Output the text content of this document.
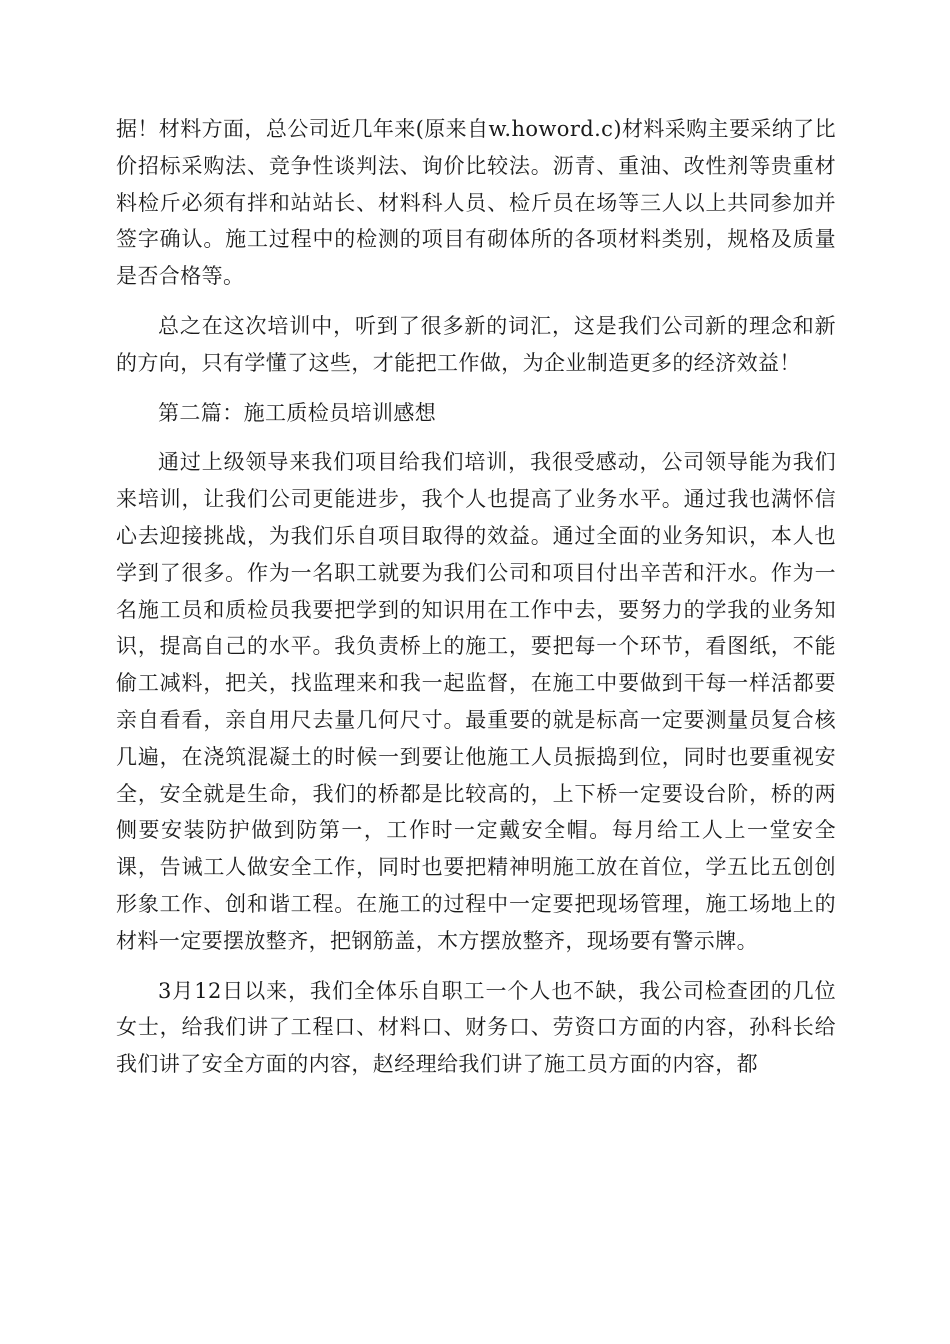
据！材料方面，总公司近几年来(原来自w.howord.c)材料采购主要采纳了比价招标采购法、竞争性谈判法、询价比较法。沥青、重油、改性剂等贵重材料检斤必须有拌和站站长、材料科人员、检斤员在场等三人以上共同参加并签字确认。施工过程中的检测的项目有砌体所的各项材料类别，规格及质量是否合格等。

总之在这次培训中，听到了很多新的词汇，这是我们公司新的理念和新的方向，只有学懂了这些，才能把工作做，为企业制造更多的经济效益！

第二篇：施工质检员培训感想

通过上级领导来我们项目给我们培训，我很受感动，公司领导能为我们来培训，让我们公司更能进步，我个人也提高了业务水平。通过我也满怀信心去迎接挑战，为我们乐自项目取得的效益。通过全面的业务知识，本人也学到了很多。作为一名职工就要为我们公司和项目付出辛苦和汗水。作为一名施工员和质检员我要把学到的知识用在工作中去，要努力的学我的业务知识，提高自己的水平。我负责桥上的施工，要把每一个环节，看图纸，不能偷工减料，把关，找监理来和我一起监督，在施工中要做到干每一样活都要亲自看看，亲自用尺去量几何尺寸。最重要的就是标高一定要测量员复合核几遍，在浇筑混凝土的时候一到要让他施工人员振捣到位，同时也要重视安全，安全就是生命，我们的桥都是比较高的，上下桥一定要设台阶，桥的两侧要安装防护做到防第一，工作时一定戴安全帽。每月给工人上一堂安全课，告诫工人做安全工作，同时也要把精神明施工放在首位，学五比五创创形象工作、创和谐工程。在施工的过程中一定要把现场管理，施工场地上的材料一定要摆放整齐，把钢筋盖，木方摆放整齐，现场要有警示牌。

3月12日以来，我们全体乐自职工一个人也不缺，我公司检查团的几位女士，给我们讲了工程口、材料口、财务口、劳资口方面的内容，孙科长给我们讲了安全方面的内容，赵经理给我们讲了施工员方面的内容，都
